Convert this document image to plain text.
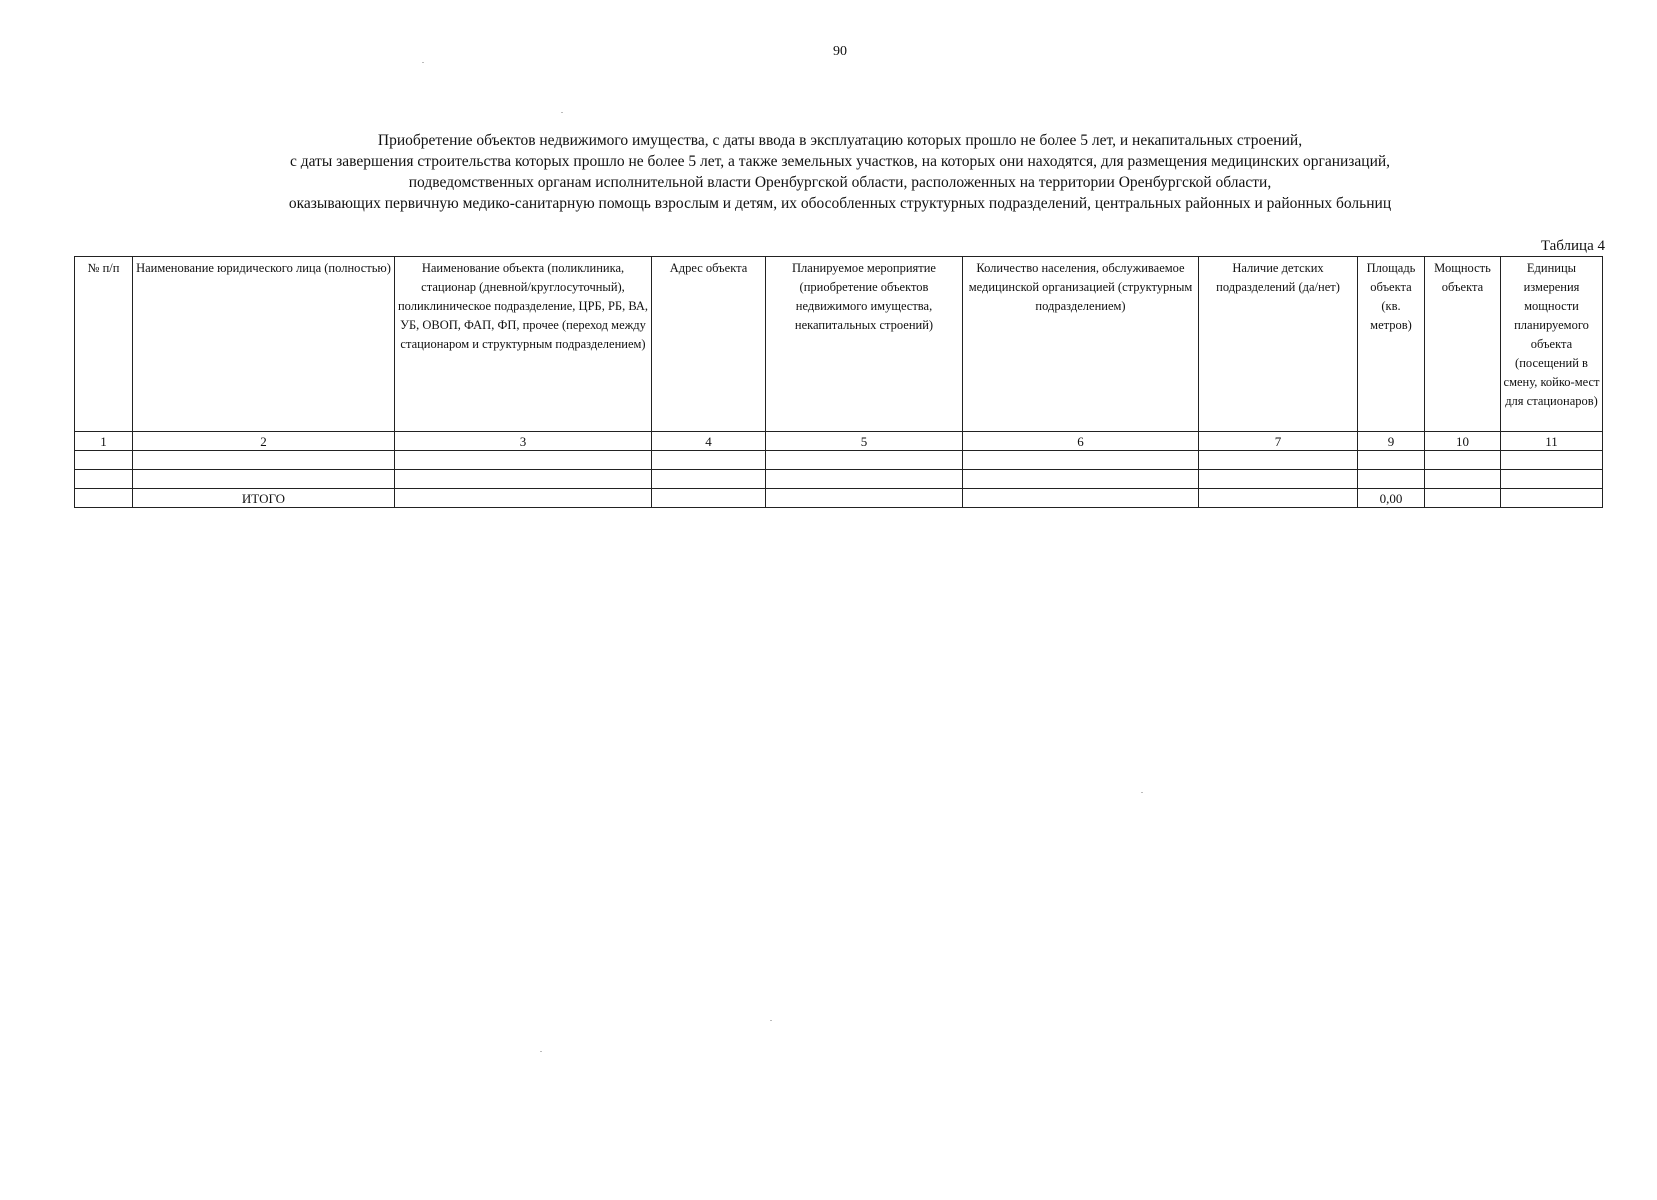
90
Приобретение объектов недвижимого имущества, с даты ввода в эксплуатацию которых прошло не более 5 лет, и некапитальных строений,
с даты завершения строительства которых прошло не более 5 лет, а также земельных участков, на которых они находятся, для размещения медицинских организаций,
подведомственных органам исполнительной власти Оренбургской области, расположенных на территории Оренбургской области,
оказывающих первичную медико-санитарную помощь взрослым и детям, их обособленных структурных подразделений, центральных районных и районных больниц
Таблица 4
№ п/п	Наименование юридического лица (полностью)	Наименование объекта (поликлиника, стационар (дневной/круглосуточный), поликлиническое подразделение, ЦРБ, РБ, ВА, УБ, ОВОП, ФАП, ФП, прочее (переход между стационаром и структурным подразделением)	Адрес объекта	Планируемое мероприятие (приобретение объектов недвижимого имущества, некапитальных строений)	Количество населения, обслуживаемое медицинской организацией (структурным подразделением)	Наличие детских подразделений (да/нет)	Площадь объекта (кв. метров)	Мощность объекта	Единицы измерения мощности планируемого объекта (посещений в смену, койко-мест для стационаров)
1	2	3	4	5	6	7	9	10	11

	ИТОГО						0,00		
